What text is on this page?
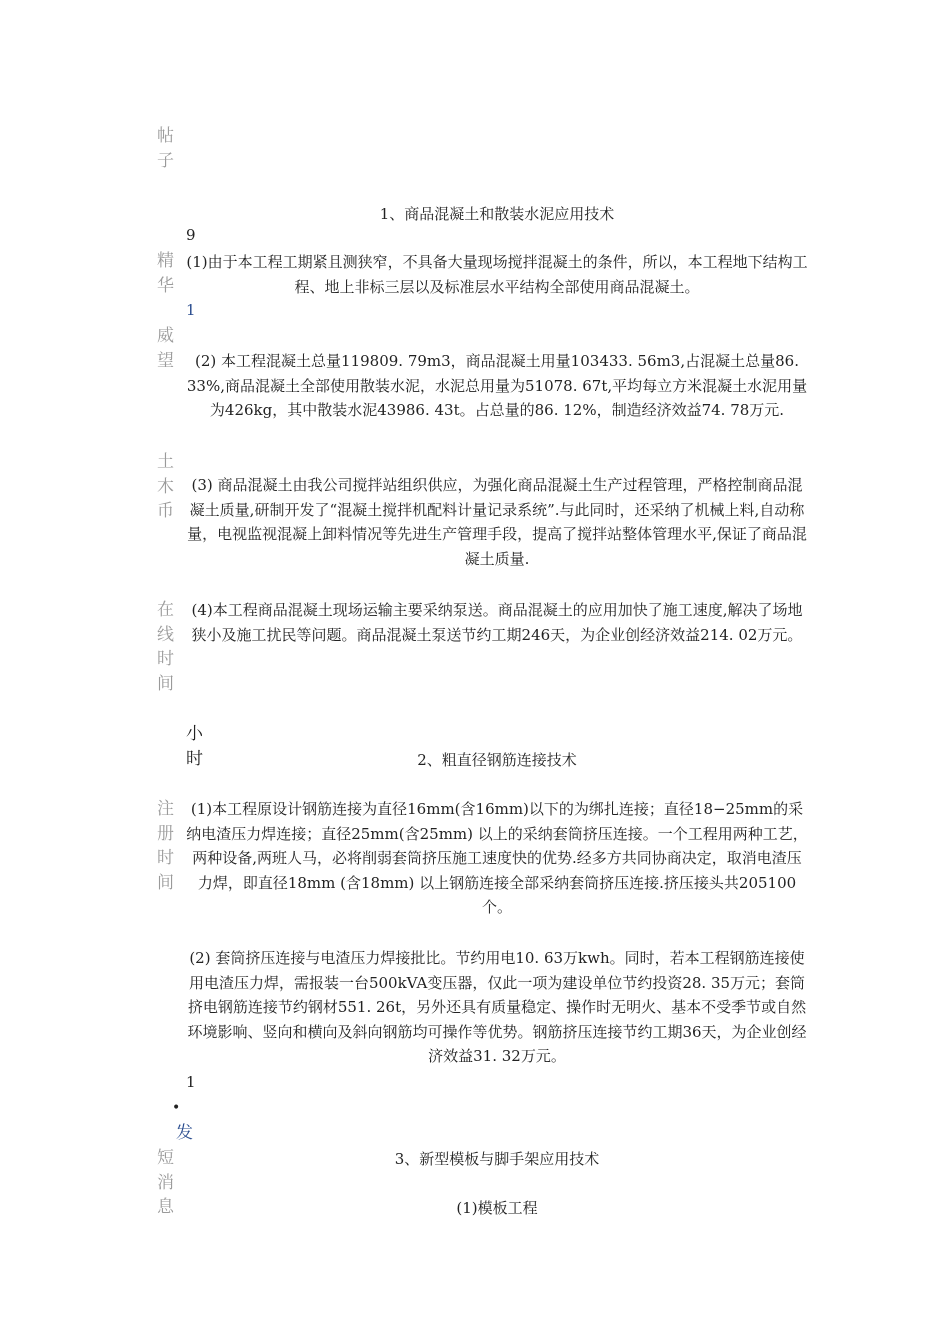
帖
子
9
精
华
1
威
望
土
木
币
在
线
时
间
小
时
注
册
时
间
1
•
发
短
消
息
1、商品混凝土和散装水泥应用技术
(1)由于本工程工期紧且测狭窄，不具备大量现场搅拌混凝土的条件，所以，本工程地下结构工程、地上非标三层以及标准层水平结构全部使用商品混凝土。
(2) 本工程混凝土总量119809. 79m3，商品混凝土用量103433. 56m3,占混凝土总量86. 33%,商品混凝土全部使用散装水泥，水泥总用量为51078. 67t,平均每立方米混凝土水泥用量为426kg，其中散装水泥43986. 43t。占总量的86. 12%，制造经济效益74. 78万元.
(3) 商品混凝土由我公司搅拌站组织供应，为强化商品混凝土生产过程管理，严格控制商品混凝土质量,研制开发了“混凝土搅拌机配料计量记录系统”.与此同时，还采纳了机械上料,自动称量，电视监视混凝上卸料情况等先进生产管理手段，提高了搅拌站整体管理水平,保证了商品混凝土质量.
(4)本工程商品混凝土现场运输主要采纳泵送。商品混凝土的应用加快了施工速度,解决了场地狭小及施工扰民等问题。商品混凝土泵送节约工期246天，为企业创经济效益214. 02万元。
2、粗直径钢筋连接技术
(1)本工程原设计钢筋连接为直径16mm(含16mm)以下的为绑扎连接；直径18−25mm的采纳电渣压力焊连接；直径25mm(含25mm) 以上的采纳套筒挤压连接。一个工程用两种工艺，两种设备,两班人马，必将削弱套筒挤压施工速度快的优势.经多方共同协商决定，取消电渣压力焊，即直径18mm (含18mm) 以上钢筋连接全部采纳套筒挤压连接.挤压接头共205100个。
(2) 套筒挤压连接与电渣压力焊接批比。节约用电10. 63万kwh。同时，若本工程钢筋连接使用电渣压力焊，需报装一台500kVA变压器，仅此一项为建设单位节约投资28. 35万元；套筒挤电钢筋连接节约钢材551. 26t，另外还具有质量稳定、操作时无明火、基本不受季节或自然环境影响、竖向和横向及斜向钢筋均可操作等优势。钢筋挤压连接节约工期36天，为企业创经济效益31. 32万元。
3、新型模板与脚手架应用技术
(1)模板工程
